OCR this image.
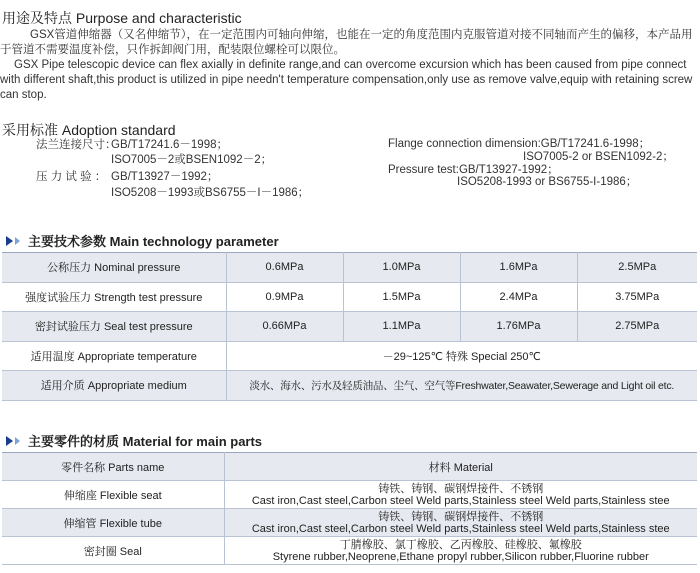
用途及特点 Purpose and characteristic
GSX管道伸缩器（又名伸缩节），在一定范围内可轴向伸缩，也能在一定的角度范围内克服管道对接不同轴而产生的偏移，本产品用于管道不需要温度补偿，只作拆卸阀门用，配装限位螺栓可以限位。
GSX Pipe telescopic device can flex axially in definite range,and can overcome excursion which has been caused from pipe connect with different shaft,this product is utilized in pipe needn't temperature compensation,only use as remove valve,equip with retaining screw can stop.
采用标准 Adoption standard
法兰连接尺寸：
GB/T17241.6－1998；
ISO7005－2或BSEN1092－2；
压 力 试 验 ： GB/T13927－1992；
ISO5208－1993或BS6755－I－1986；
Flange connection dimension:GB/T17241.6-1998；
ISO7005-2 or BSEN1092-2；
Pressure test:GB/T13927-1992；
ISO5208-1993 or BS6755-I-1986；
主要技术参数 Main technology parameter
公称压力 Nominal pressure	0.6MPa	1.0MPa	1.6MPa	2.5MPa
强度试验压力 Strength test pressure	0.9MPa	1.5MPa	2.4MPa	3.75MPa
密封试验压力 Seal test pressure	0.66MPa	1.1MPa	1.76MPa	2.75MPa
适用温度 Appropriate temperature	－29~125℃ 特殊 Special 250℃			
适用介质 Appropriate medium	淡水、海水、污水及轻质油品、尘气、空气等Freshwater,Seawater,Sewerage and Light oil etc.			
主要零件的材质 Material for main parts
零件名称 Parts name	材料 Material
伸缩座 Flexible seat	铸铁、铸钢、碳钢焊接件、不锈钢
Cast iron,Cast steel,Carbon steel Weld parts,Stainless steel Weld parts,Stainless stee

伸缩管 Flexible tube	铸铁、铸钢、碳钢焊接件、不锈钢
Cast iron,Cast steel,Carbon steel Weld parts,Stainless steel Weld parts,Stainless stee

密封圈 Seal	丁腈橡胶、氯丁橡胶、乙丙橡胶、硅橡胶、氟橡胶
Styrene rubber,Neoprene,Ethane propyl rubber,Silicon rubber,Fluorine rubber
